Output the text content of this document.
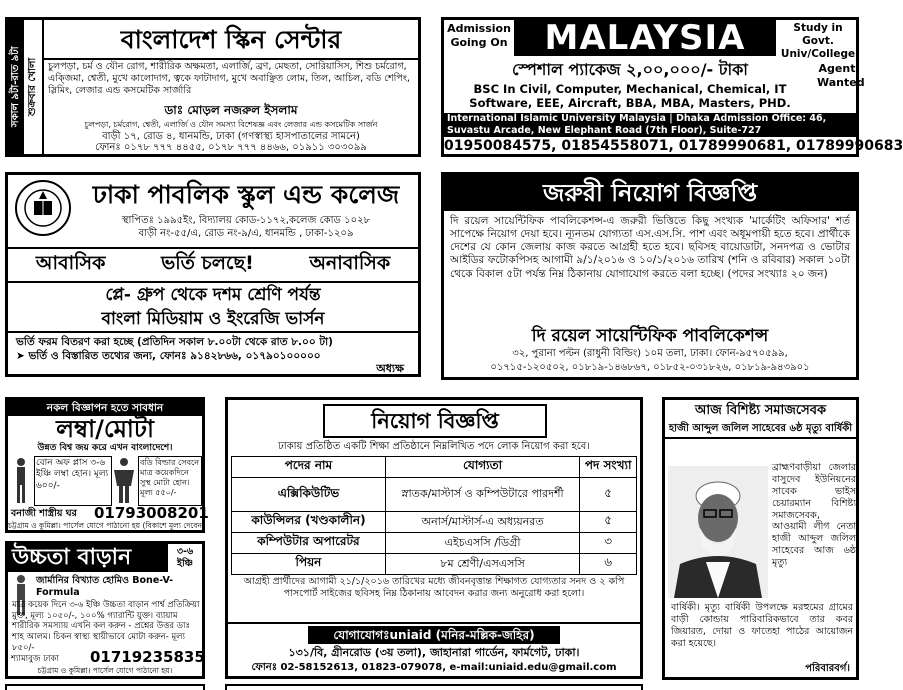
সকাল ৯টা-রাত ৯টা শুক্রবার খোলা
বাংলাদেশ স্কিন সেন্টার
চুলপড়া, চর্ম ও যৌন রোগ, শারীরিক অক্ষমতা, এলার্জি, ব্রণ, মেছতা, সোরিয়াসিস, শিশু চর্মরোগ, এক্জিমা, শ্বেতী, মুখে কালোদাগ, ত্বকে ফাটাদাগ, মুখে অবাঞ্ছিত লোম, তিল, আচিল, বডি শেপিং, স্লিমিং, লেজার এন্ড কসমেটিক সার্জারি
ডাঃ মোড়ল নজরুল ইসলাম
চুলপড়া, চর্মরোগ, শ্বেতী, এলার্জি ও যৌন সমস্যা বিশেষজ্ঞ এবং লেজার এন্ড কসমেটিক সার্জন
বাড়ী ১৭, রোড ৪, ধানমন্ডি, ঢাকা (গণস্বাস্থ্য হাসপাতালের সামনে)
ফোনঃ ০১৭৮ ৭৭৭ ৪৪৫৫, ০১৭৮ ৭৭৭ ৪৪৬৬, ০১৯১১ ৩০৩০৯৯
Admission Going On	MALAYSIA	Study in Govt. Univ/College
স্পেশাল প্যাকেজ ২,০০,০০০/- টাকা	Agent Wanted
BSC In Civil, Computer, Mechanical, Chemical, IT Software, EEE, Aircraft, BBA, MBA, Masters, PHD.
International Islamic University Malaysia | Dhaka Admission Office: 46, Suvastu Arcade, New Elephant Road (7th Floor), Suite-727
01950084575, 01854558071, 01789990681, 01789990683
ঢাকা পাবলিক স্কুল এন্ড কলেজ
স্থাপিতঃ ১৯৯৫ইং, বিদ্যালয় কোড-১১৭২,কলেজ কোড ১০২৮
বাড়ী নং-৫৫/এ, রোড নং-৯/এ, ধানমন্ডি , ঢাকা-১২০৯
আবাসিক	ভর্তি চলছে!	অনাবাসিক
প্লে- গ্রুপ থেকে দশম শ্রেণি পর্যন্ত
বাংলা মিডিয়াম ও ইংরেজি ভার্সন
ভর্তি ফরম বিতরণ করা হচ্ছে (প্রতিদিন সকাল ৮.০০টা থেকে রাত ৮.০০ টা)
➤ ভর্তি ও বিস্তারিত তথ্যের জন্য, ফোনঃ ৯১৪২৮৬৬, ০১৭৯০১০০০০০
অধ্যক্ষ
জরুরী নিয়োগ বিজ্ঞপ্তি
দি রয়েল সায়েন্টিফিক পাবলিকেশন্স-এ জরুরী ভিত্তিতে কিছু সংখ্যক 'মার্কেটিং অফিসার' শর্ত সাপেক্ষে নিয়োগ দেয়া হবে। ন্যূনতম যোগ্যতা এস.এস.সি. পাশ এবং অধূমপায়ী হতে হবে। প্রার্থীকে দেশের যে কোন জেলায় কাজ করতে আগ্রহী হতে হবে। ছবিসহ বায়োডাটা, সনদপত্র ও ভোটার আইডির ফটোকপিসহ আগামী ৯/১/২০১৬ ও ১০/১/২০১৬ তারিখ (শনি ও রবিবার) সকাল ১০টা থেকে বিকাল ৫টা পর্যন্ত নিম্ন ঠিকানায় যোগাযোগ করতে বলা হচ্ছে। (পদের সংখ্যাঃ ২০ জন)
দি রয়েল সায়েন্টিফিক পাবলিকেশন্স
৩২, পুরানা পল্টন (রাধুনী বিল্ডিং) ১০ম তলা, ঢাকা। ফোন-৯৫৭০৫৯৯,
০১৭১৫-১২০৫০২, ০১৮১৯-১৪৬৮৬৭, ০১৮৫২-০৩১৮২৬, ০১৮১৯-৯৪৩৯০১
নকল বিজ্ঞাপন হতে সাবধান
লম্বা/মোটা
উন্নত বিশ্ব জয় করে এখন বাংলাদেশে।
বোন অফ প্লাস ৩-৬ ইঞ্চি লম্বা হোন। মূল্য ৬০০/-
বডি বিল্ডার সেবনে মাত্র কয়েকদিনে সুস্থ মোটা হোন। মূল্য ৫৫০/-
বনাজী শাস্ত্রীয় ঘর	01793008201
চট্টগ্রাম ও কুমিল্লা। পার্সেল যোগে পাঠানো হয় (বিকাশে মূল্য দেবেন)
উচ্চতা বাড়ান	৩-৬ ইঞ্চি
জার্মানির বিখ্যাত হোমিও Bone-V-Formula
মাত্র কয়েক দিনে ৩-৬ ইঞ্চি উচ্চতা বাড়ান পার্শ্ব প্রতিক্রিয়া মুক্ত, মূল্য ১০৫০/-, ১০০% গ্যারান্টি যুক্ত। ব্যায়াম শারীরিক সমস্যায় এখনি কল করুন - প্রশ্নের উত্তর ডাঃ শাহ আলম। চিকন স্বাস্থ্য স্থায়ীভাবে মোটা করুন- মূল্য ৮৫০/-
শ্যামাবুজ ঢাকা	01719235835
চট্টগ্রাম ও কুমিল্লা। পার্সেল যোগে পাঠানো হয়।
নিয়োগ বিজ্ঞপ্তি
ঢাকায় প্রতিষ্ঠিত একটি শিক্ষা প্রতিষ্ঠানে নিম্নলিখিত পদে লোক নিয়োগ করা হবে।
পদের নাম	যোগ্যতা	পদ সংখ্যা
এক্সিকিউটিভ	স্নাতক/মাস্টার্স ও কম্পিউটারে পারদর্শী	৫
কাউন্সিলর (খণ্ডকালীন)	অনার্স/মাস্টার্স-এ অধ্যয়নরত	৫
কম্পিউটার অপারেটর	এইচএসসি /ডিগ্রী	৩
পিয়ন	৮ম শ্রেণী/এসএসসি	৬
আগ্রহী প্রার্থীদের আগামী ২১/১/২০১৬ তারিখের মধ্যে জীবনবৃত্তান্ত শিক্ষাগত যোগ্যতার সনদ ও ২ কপি পাসপোর্ট সাইজের ছবিসহ নিম্ন ঠিকানায় আবেদন করার জন্য অনুরোধ করা হলো।
যোগাযোগঃuniaid (মনির-মল্লিক-জহির)
১৩১/বি, গ্রীনরোড (৩য় তলা), জাহানারা গার্ডেন, ফার্মগেট, ঢাকা।
ফোনঃ 02-58152613, 01823-079078, e-mail:uniaid.edu@gmail.com
আজ বিশিষ্ট্য সমাজসেবক
হাজী আব্দুল জলিল সাহেবের ৬ষ্ঠ মৃত্যু বার্ষিকী
ব্রাহ্মণবাড়ীয়া জেলার বাসুদেব ইউনিয়নের সাবেক ভাইস চেয়ারম্যান বিশিষ্ট্য সমাজসেবক, আওয়ামী লীগ নেতা হাজী আব্দুল জলিল সাহেবের আজ ৬ষ্ঠ মৃত্যু
বার্ষিকী। মৃত্যু বার্ষিকী উপলক্ষে মরহুমের গ্রামের বাড়ী কোন্ডায় পারিবারিকভাবে তার কবর জিয়ারত, দোয়া ও ফাতেহা পাঠের আয়োজন করা হয়েছে।
পরিবারবর্গ।
